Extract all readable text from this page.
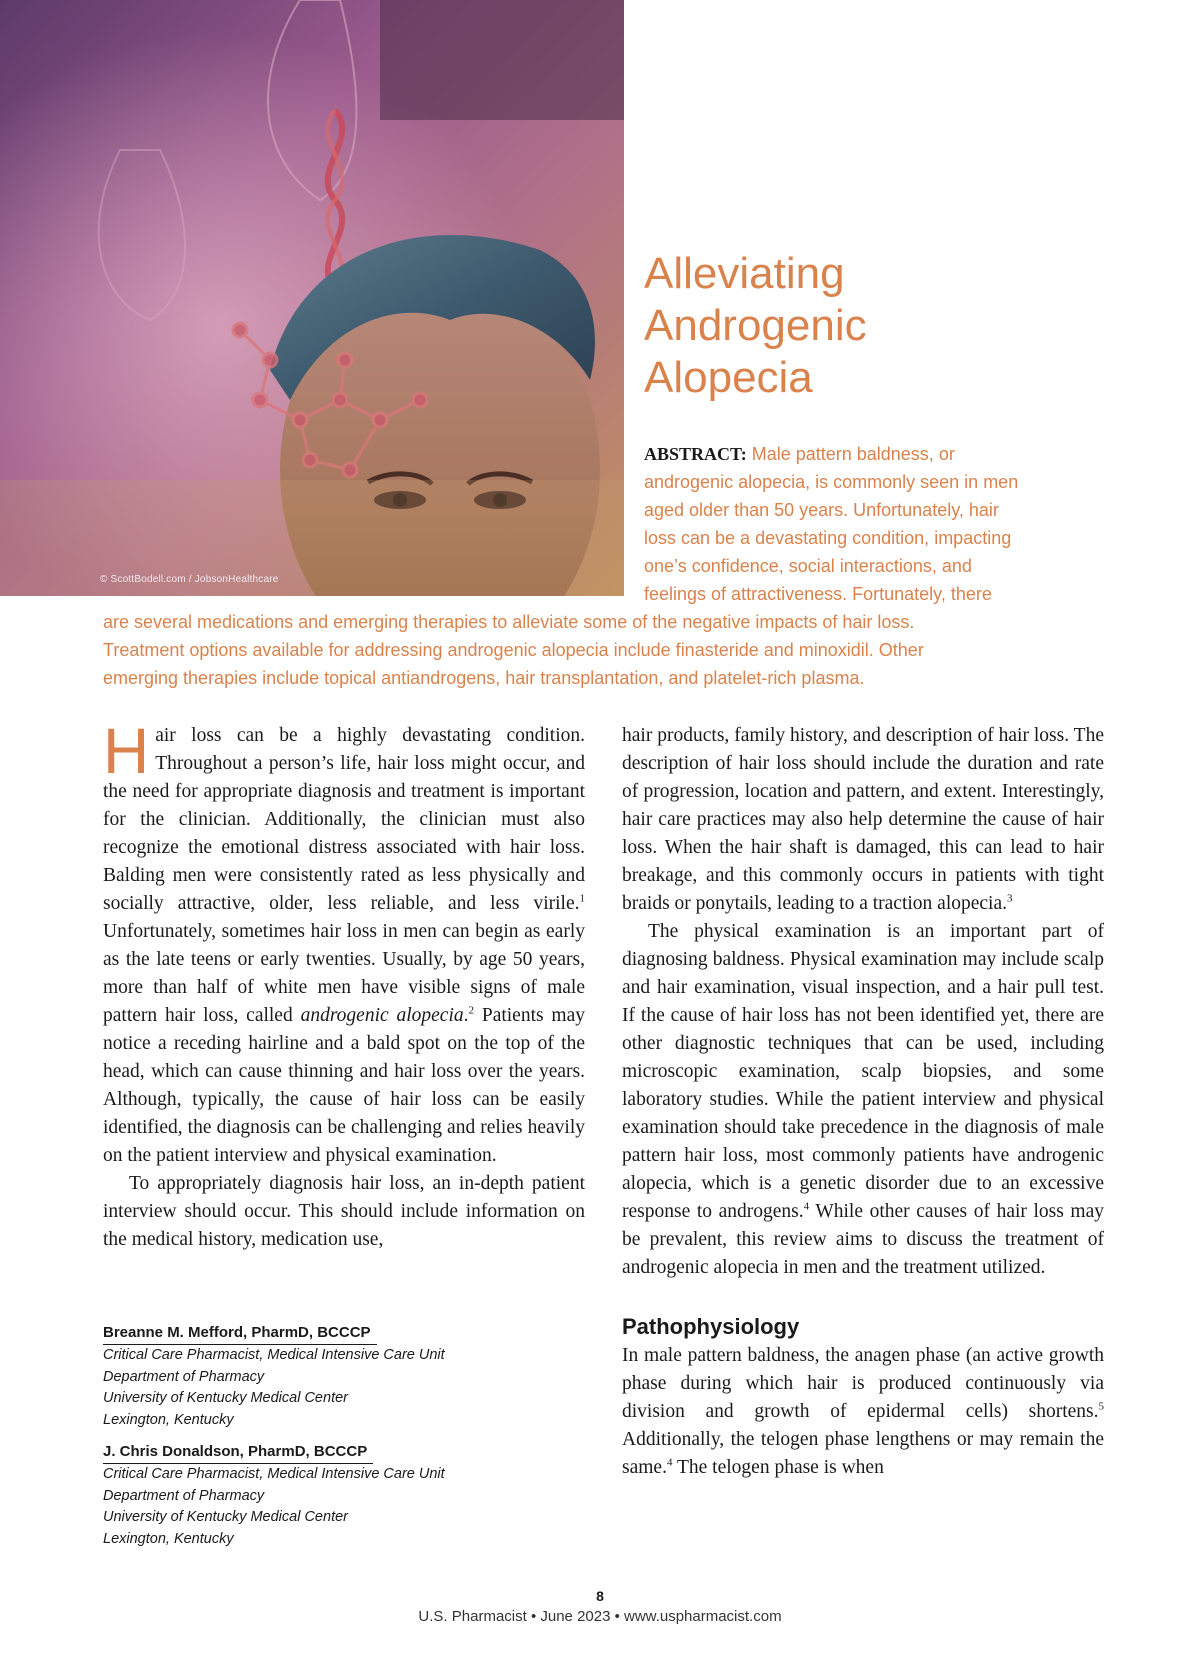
© ScottBodell.com / JobsonHealthcare
Alleviating
Androgenic
Alopecia

ABSTRACT: Male pattern baldness, or

androgenic alopecia, is commonly seen in men

aged older than 50 years. Unfortunately, hair

loss can be a devastating condition, impacting

one’s confidence, social interactions, and

feelings of attractiveness. Fortunately, there

are several medications and emerging therapies to alleviate some of the negative impacts of hair loss.

Treatment options available for addressing androgenic alopecia include finasteride and minoxidil. Other

emerging therapies include topical antiandrogens, hair transplantation, and platelet-rich plasma.

Hair loss can be a highly devastating condition. Throughout a person’s life, hair loss might occur, and the need for appropriate diagnosis and treatment is important for the clinician. Additionally, the clinician must also recognize the emotional distress associated with hair loss. Balding men were consistently rated as less physically and socially attractive, older, less reliable, and less virile.$^1$ Unfortunately, sometimes hair loss in men can begin as early as the late teens or early twenties. Usually, by age 50 years, more than half of white men have visible signs of male pattern hair loss, called androgenic alopecia.$^2$ Patients may notice a receding hairline and a bald spot on the top of the head, which can cause thinning and hair loss over the years. Although, typically, the cause of hair loss can be easily identified, the diagnosis can be challenging and relies heavily on the patient interview and physical examination.

To appropriately diagnosis hair loss, an in-depth patient interview should occur. This should include information on the medical history, medication use,

Breanne M. Mefford, PharmD, BCCCP
Critical Care Pharmacist, Medical Intensive Care Unit
Department of Pharmacy
University of Kentucky Medical Center
Lexington, Kentucky
J. Chris Donaldson, PharmD, BCCCP
Critical Care Pharmacist, Medical Intensive Care Unit
Department of Pharmacy
University of Kentucky Medical Center
Lexington, Kentucky

hair products, family history, and description of hair loss. The description of hair loss should include the duration and rate of progression, location and pattern, and extent. Interestingly, hair care practices may also help determine the cause of hair loss. When the hair shaft is damaged, this can lead to hair breakage, and this commonly occurs in patients with tight braids or ponytails, leading to a traction alopecia.$^3$

The physical examination is an important part of diagnosing baldness. Physical examination may include scalp and hair examination, visual inspection, and a hair pull test. If the cause of hair loss has not been identified yet, there are other diagnostic techniques that can be used, including microscopic examination, scalp biopsies, and some laboratory studies. While the patient interview and physical examination should take precedence in the diagnosis of male pattern hair loss, most commonly patients have androgenic alopecia, which is a genetic disorder due to an excessive response to androgens.$^4$ While other causes of hair loss may be prevalent, this review aims to discuss the treatment of androgenic alopecia in men and the treatment utilized.

Pathophysiology

In male pattern baldness, the anagen phase (an active growth phase during which hair is produced continuously via division and growth of epidermal cells) shortens.$^5$ Additionally, the telogen phase lengthens or may remain the same.$^4$ The telogen phase is when

8
U.S. Pharmacist • June 2023 • www.uspharmacist.com
